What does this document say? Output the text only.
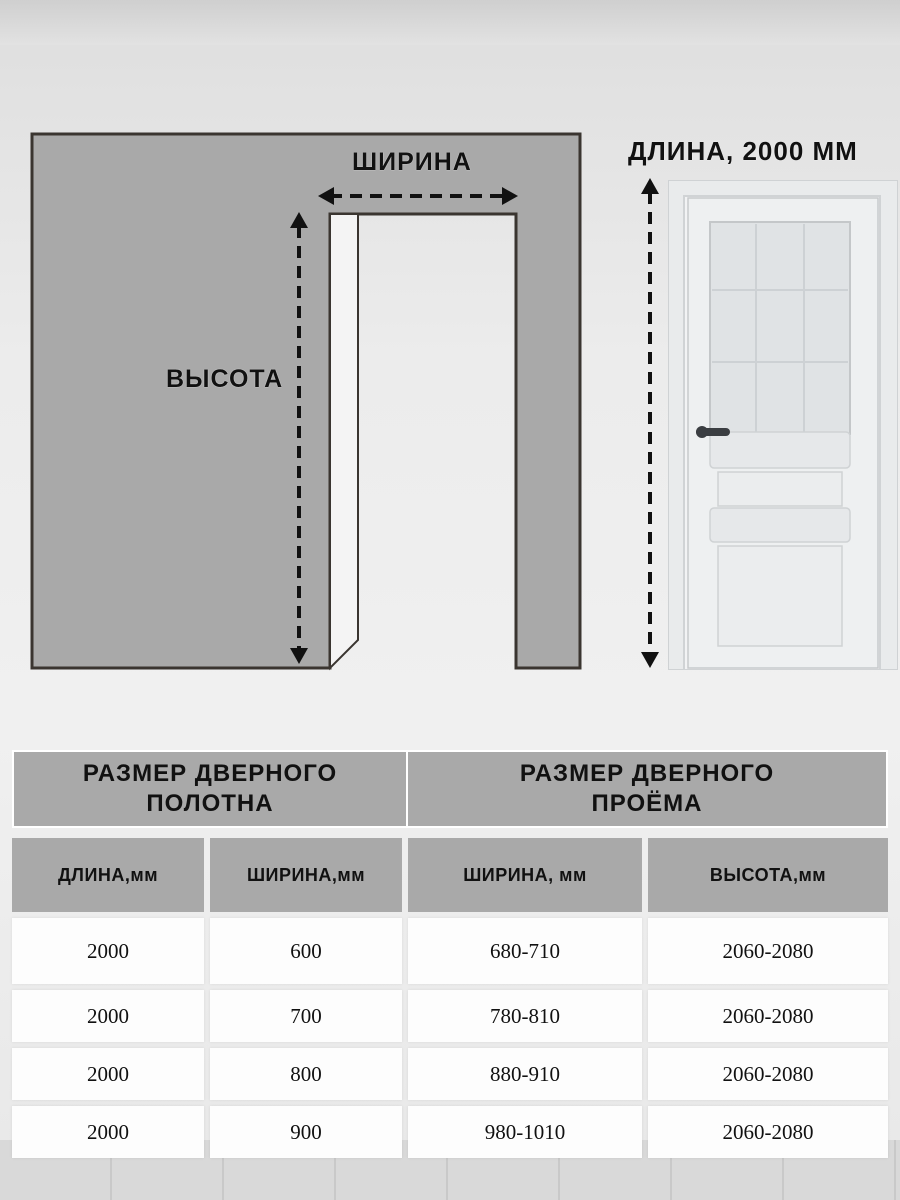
ШИРИНА
ВЫСОТА
ДЛИНА, 2000 ММ
РАЗМЕР ДВЕРНОГО
ПОЛОТНА
РАЗМЕР ДВЕРНОГО
ПРОЁМА
ДЛИНА,мм	ШИРИНА,мм	ШИРИНА, мм	ВЫСОТА,мм
2000	600	680-710	2060-2080
2000	700	780-810	2060-2080
2000	800	880-910	2060-2080
2000	900	980-1010	2060-2080
